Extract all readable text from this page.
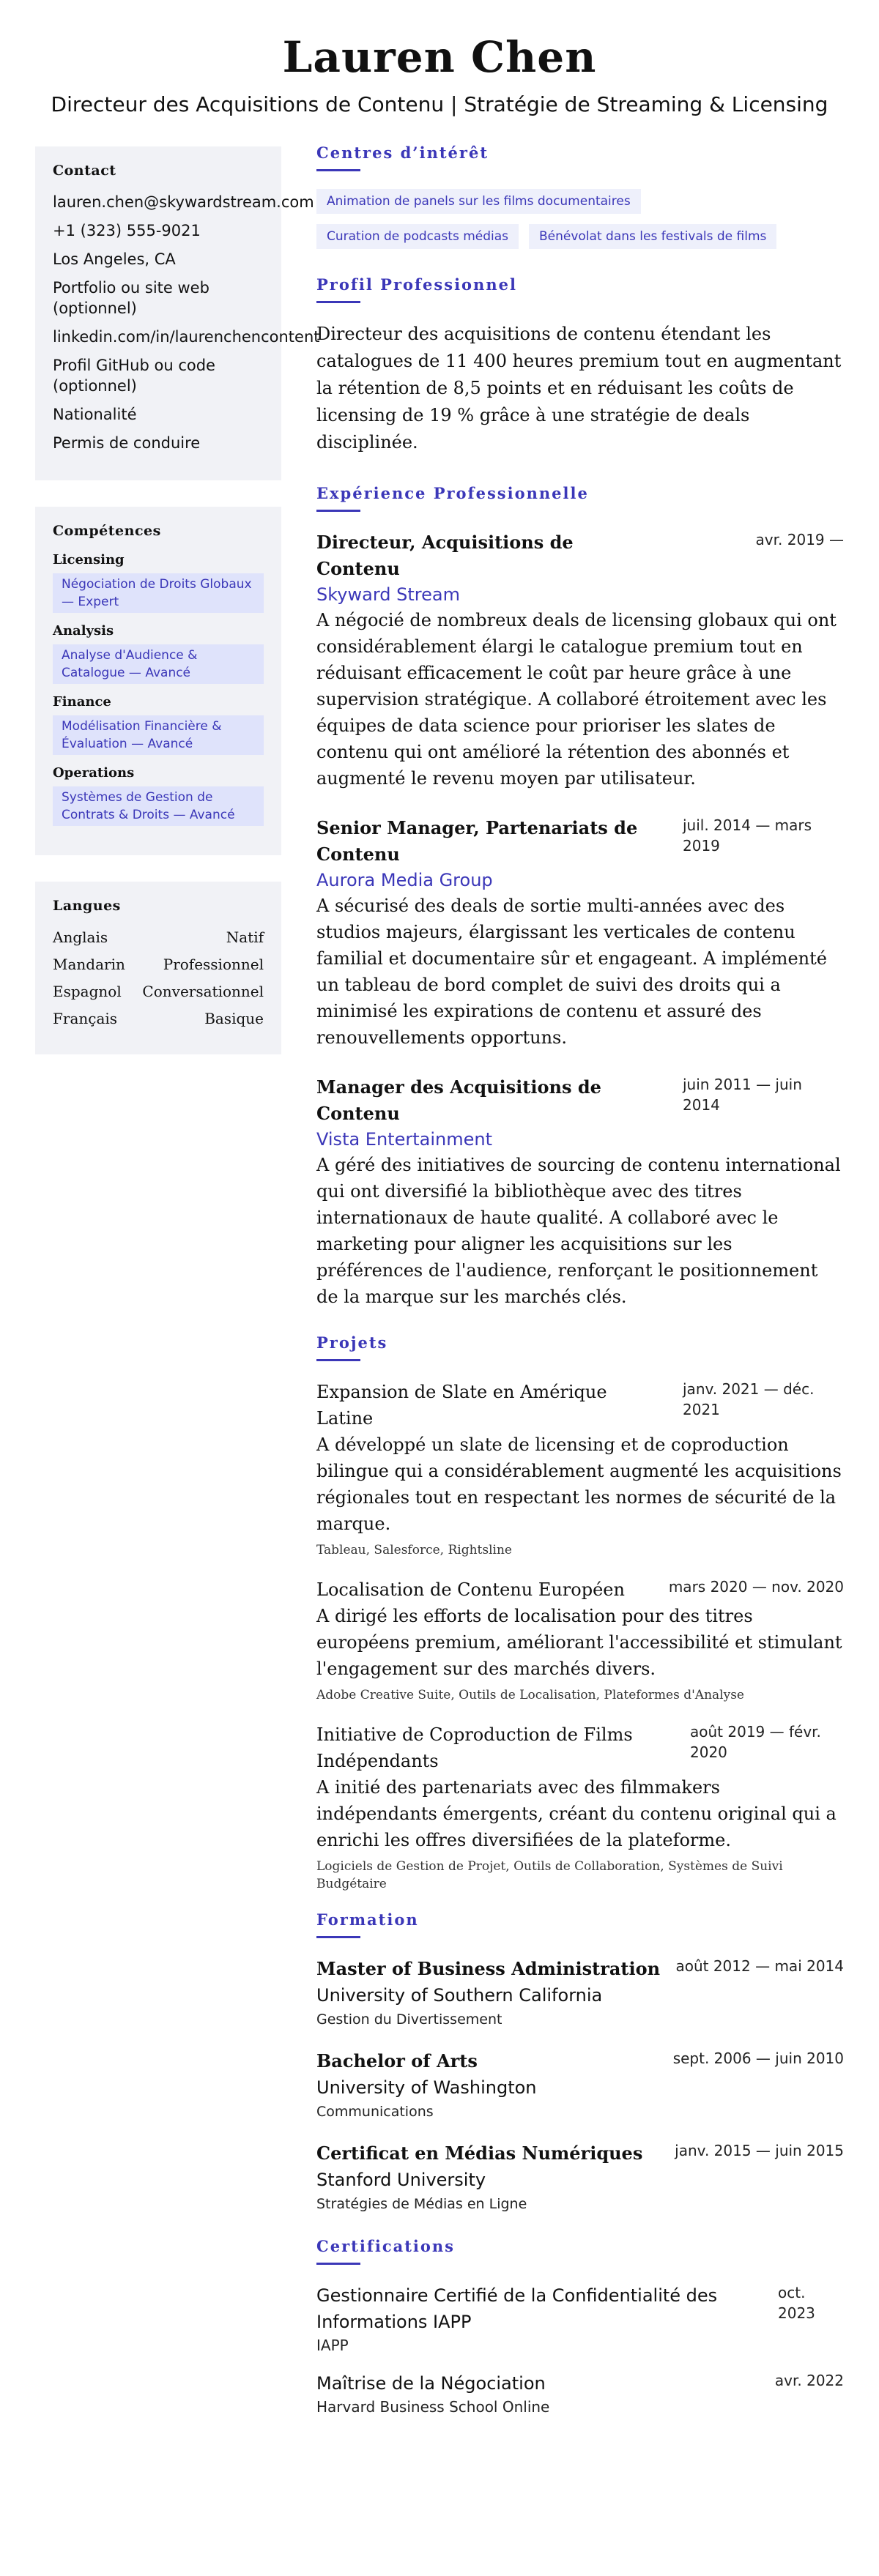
Lauren Chen
Directeur des Acquisitions de Contenu | Stratégie de Streaming & Licensing
Contact
lauren.chen@skywardstream.com
+1 (323) 555-9021
Los Angeles, CA
Portfolio ou site web (optionnel)
linkedin.com/in/laurenchencontent
Profil GitHub ou code (optionnel)
Nationalité
Permis de conduire
Compétences
Licensing
Négociation de Droits Globaux — Expert
Analysis
Analyse d'Audience & Catalogue — Avancé
Finance
Modélisation Financière & Évaluation — Avancé
Operations
Systèmes de Gestion de Contrats & Droits — Avancé
Langues
Anglais	Natif
Mandarin	Professionnel
Espagnol Conversationnel
Français	Basique
Centres d’intérêt
Animation de panels sur les films documentaires
Curation de podcasts médias	Bénévolat dans les festivals de films
Profil Professionnel
Directeur des acquisitions de contenu étendant les catalogues de 11 400 heures premium tout en augmentant la rétention de 8,5 points et en réduisant les coûts de licensing de 19 % grâce à une stratégie de deals disciplinée.
Expérience Professionnelle
Directeur, Acquisitions de Contenu
avr. 2019 —
Skyward Stream
A négocié de nombreux deals de licensing globaux qui ont considérablement élargi le catalogue premium tout en réduisant efficacement le coût par heure grâce à une supervision stratégique. A collaboré étroitement avec les équipes de data science pour prioriser les slates de contenu qui ont amélioré la rétention des abonnés et augmenté le revenu moyen par utilisateur.
Senior Manager, Partenariats de Contenu
juil. 2014 — mars 2019
Aurora Media Group
A sécurisé des deals de sortie multi-années avec des studios majeurs, élargissant les verticales de contenu familial et documentaire sûr et engageant. A implémenté un tableau de bord complet de suivi des droits qui a minimisé les expirations de contenu et assuré des renouvellements opportuns.
Manager des Acquisitions de Contenu
juin 2011 — juin 2014
Vista Entertainment
A géré des initiatives de sourcing de contenu international qui ont diversifié la bibliothèque avec des titres internationaux de haute qualité. A collaboré avec le marketing pour aligner les acquisitions sur les préférences de l'audience, renforçant le positionnement de la marque sur les marchés clés.
Projets
Expansion de Slate en Amérique Latine
janv. 2021 — déc. 2021
A développé un slate de licensing et de coproduction bilingue qui a considérablement augmenté les acquisitions régionales tout en respectant les normes de sécurité de la marque.
Tableau, Salesforce, Rightsline
Localisation de Contenu Européen	mars 2020 — nov. 2020
A dirigé les efforts de localisation pour des titres européens premium, améliorant l'accessibilité et stimulant l'engagement sur des marchés divers.
Adobe Creative Suite, Outils de Localisation, Plateformes d'Analyse
Initiative de Coproduction de Films Indépendants
août 2019 — févr. 2020
A initié des partenariats avec des filmmakers indépendants émergents, créant du contenu original qui a enrichi les offres diversifiées de la plateforme.
Logiciels de Gestion de Projet, Outils de Collaboration, Systèmes de Suivi Budgétaire
Formation
Master of Business Administration août 2012 — mai 2014
University of Southern California
Gestion du Divertissement
Bachelor of Arts	sept. 2006 — juin 2010
University of Washington
Communications
Certificat en Médias Numériques janv. 2015 — juin 2015
Stanford University
Stratégies de Médias en Ligne
Certifications
Gestionnaire Certifié de la Confidentialité des Informations IAPP
oct. 2023
IAPP
Maîtrise de la Négociation	avr. 2022
Harvard Business School Online
